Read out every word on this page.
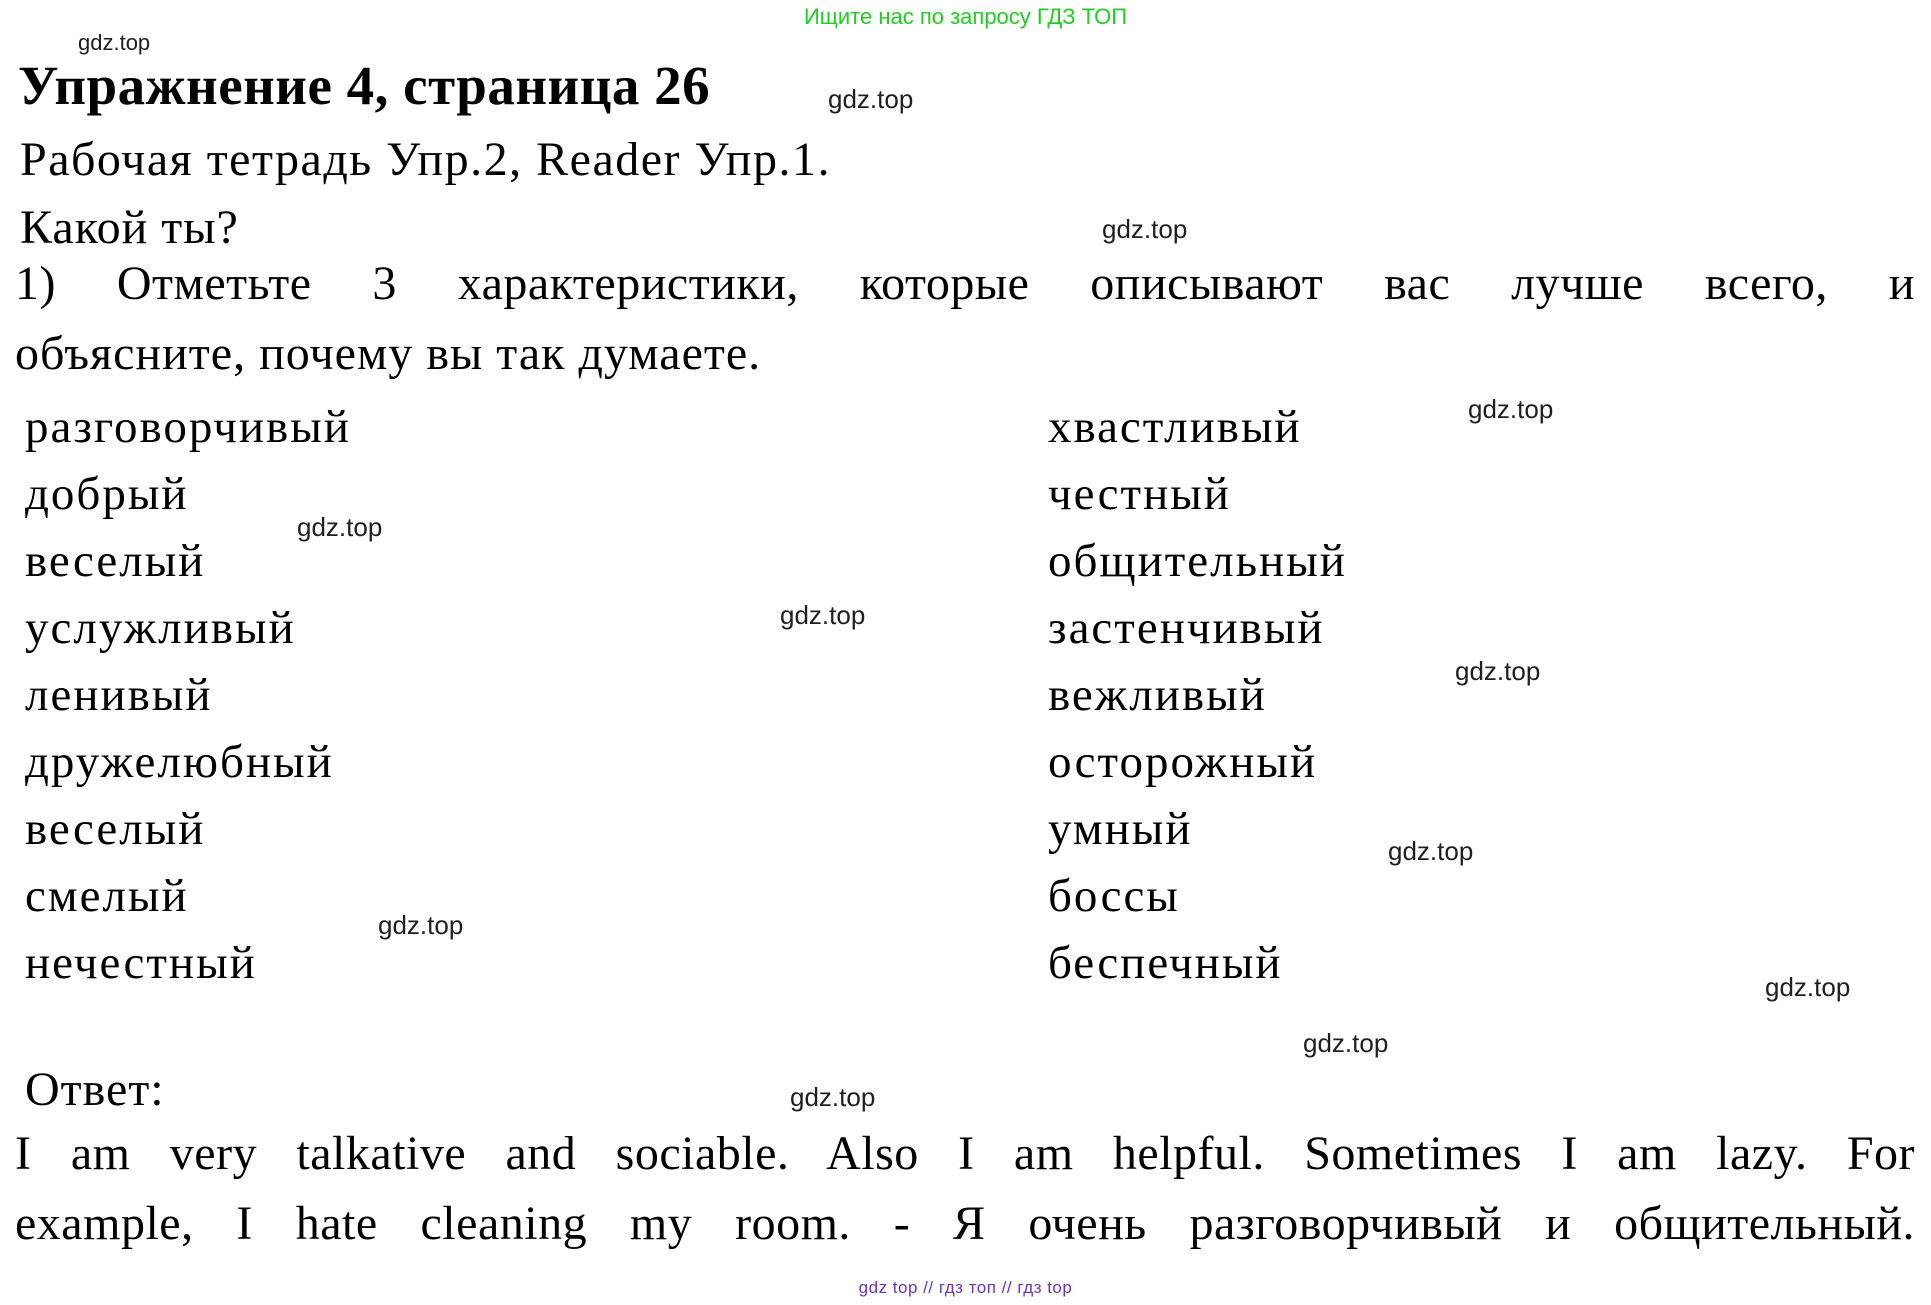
Ищите нас по запросу ГДЗ ТОП
Упражнение 4, страница 26
Рабочая тетрадь Упр.2, Reader Упр.1.
Какой ты?
1) Отметьте 3 характеристики, которые описывают вас лучше всего, и
объясните, почему вы так думаете.
разговорчивый
добрый
веселый
услужливый
ленивый
дружелюбный
веселый
смелый
нечестный
хвастливый
честный
общительный
застенчивый
вежливый
осторожный
умный
боссы
беспечный
Ответ:
I am very talkative and sociable. Also I am helpful. Sometimes I am lazy. For
example, I hate cleaning my room. - Я очень разговорчивый и общительный.
gdz top // гдз топ // гдз top
gdz.top
gdz.top
gdz.top
gdz.top
gdz.top
gdz.top
gdz.top
gdz.top
gdz.top
gdz.top
gdz.top
gdz.top
